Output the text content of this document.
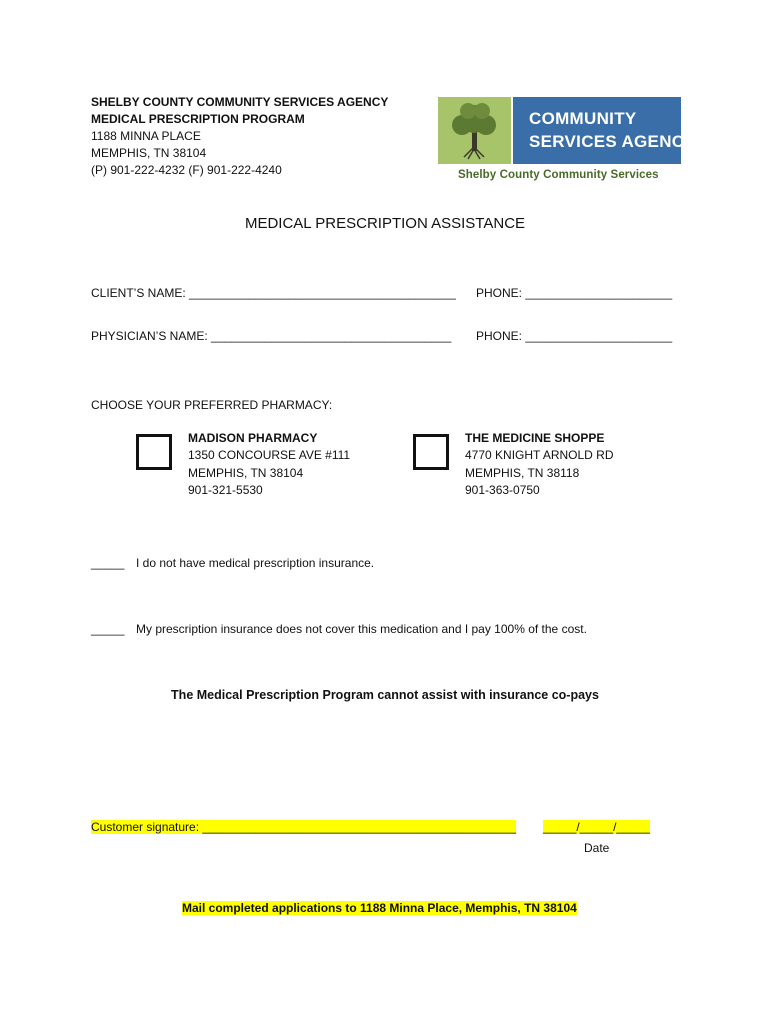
SHELBY COUNTY COMMUNITY SERVICES AGENCY
MEDICAL PRESCRIPTION PROGRAM
1188 MINNA PLACE
MEMPHIS, TN 38104
(P) 901-222-4232 (F) 901-222-4240
COMMUNITY
SERVICES AGENCY
Shelby County Community Services
MEDICAL PRESCRIPTION ASSISTANCE
CLIENT’S NAME: ________________________________________ PHONE: ______________________
PHYSICIAN’S NAME: ____________________________________ PHONE: ______________________
CHOOSE YOUR PREFERRED PHARMACY:
MADISON PHARMACY
1350 CONCOURSE AVE #111
MEMPHIS, TN 38104
901-321-5530
THE MEDICINE SHOPPE
4770 KNIGHT ARNOLD RD
MEMPHIS, TN 38118
901-363-0750
_____ I do not have medical prescription insurance.
_____ My prescription insurance does not cover this medication and I pay 100% of the cost.
The Medical Prescription Program cannot assist with insurance co-pays
Customer signature: _______________________________________________ _____/_____/_____
Date
Mail completed applications to 1188 Minna Place, Memphis, TN 38104
